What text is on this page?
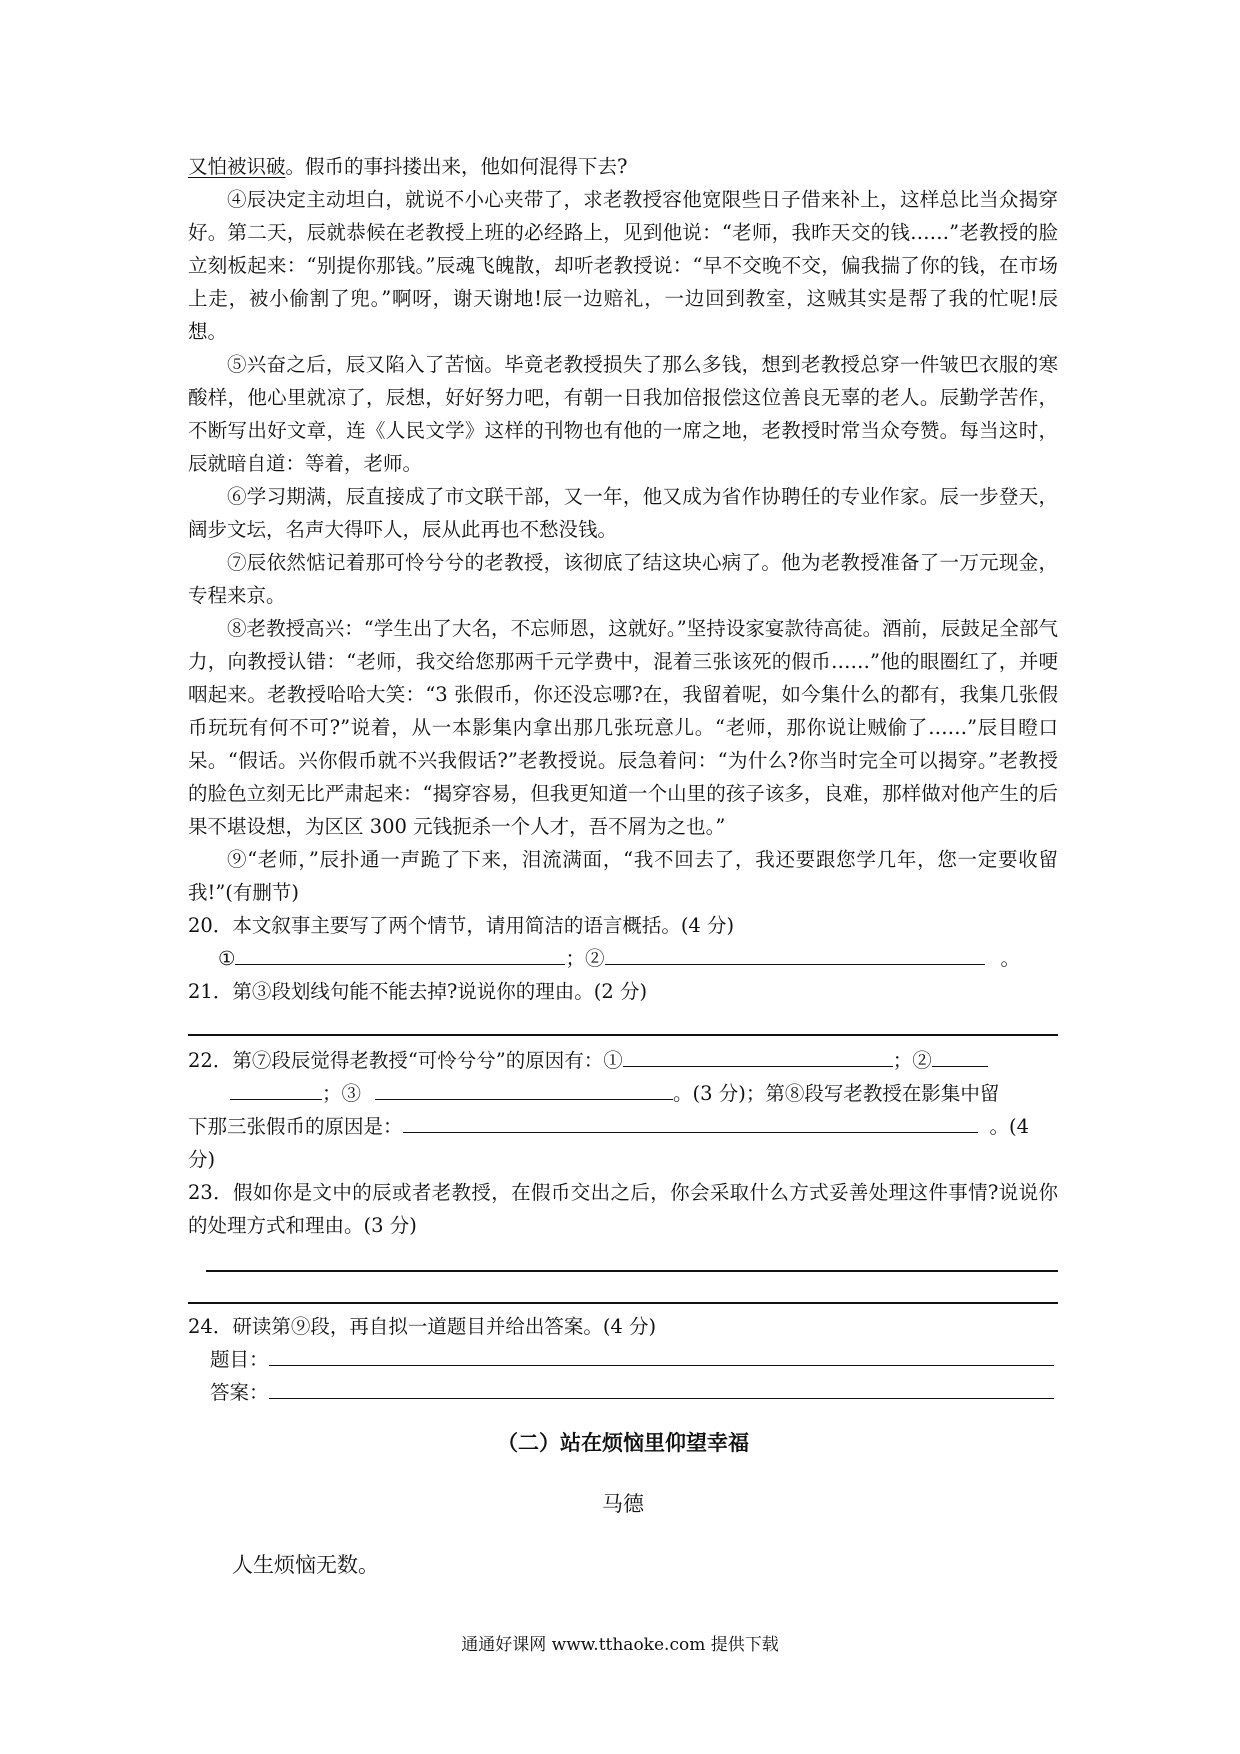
又怕被识破。假币的事抖搂出来，他如何混得下去?

④辰决定主动坦白，就说不小心夹带了，求老教授容他宽限些日子借来补上，这样总比当众揭穿好。第二天，辰就恭候在老教授上班的必经路上，见到他说：“老师，我昨天交的钱……”老教授的脸立刻板起来：“别提你那钱。”辰魂飞魄散，却听老教授说：“早不交晚不交，偏我揣了你的钱，在市场上走，被小偷割了兜。”啊呀，谢天谢地!辰一边赔礼，一边回到教室，这贼其实是帮了我的忙呢!辰想。

⑤兴奋之后，辰又陷入了苦恼。毕竟老教授损失了那么多钱，想到老教授总穿一件皱巴衣服的寒酸样，他心里就凉了，辰想，好好努力吧，有朝一日我加倍报偿这位善良无辜的老人。辰勤学苦作，不断写出好文章，连《人民文学》这样的刊物也有他的一席之地，老教授时常当众夸赞。每当这时，辰就暗自道：等着，老师。

⑥学习期满，辰直接成了市文联干部，又一年，他又成为省作协聘任的专业作家。辰一步登天，阔步文坛，名声大得吓人，辰从此再也不愁没钱。

⑦辰依然惦记着那可怜兮兮的老教授，该彻底了结这块心病了。他为老教授准备了一万元现金，专程来京。

⑧老教授高兴：“学生出了大名，不忘师恩，这就好。”坚持设家宴款待高徒。酒前，辰鼓足全部气力，向教授认错：“老师，我交给您那两千元学费中，混着三张该死的假币……”他的眼圈红了，并哽咽起来。老教授哈哈大笑：“3 张假币，你还没忘哪?在，我留着呢，如今集什么的都有，我集几张假币玩玩有何不可?”说着，从一本影集内拿出那几张玩意儿。“老师，那你说让贼偷了……”辰目瞪口呆。“假话。兴你假币就不兴我假话?”老教授说。辰急着问：“为什么?你当时完全可以揭穿。”老教授的脸色立刻无比严肃起来：“揭穿容易，但我更知道一个山里的孩子该多，良难，那样做对他产生的后果不堪设想，为区区 300 元钱扼杀一个人才，吾不屑为之也。”

⑨“老师，”辰扑通一声跪了下来，泪流满面，“我不回去了，我还要跟您学几年，您一定要收留我!”(有删节)

20．本文叙事主要写了两个情节，请用简洁的语言概括。(4 分)

①	；②	。

21．第③段划线句能不能去掉?说说你的理由。(2 分)

22．第⑦段辰觉得老教授“可怜兮兮”的原因有：①	；②

；③	。(3 分)；第⑧段写老教授在影集中留

下那三张假币的原因是：	。(4

分)

23．假如你是文中的辰或者老教授，在假币交出之后，你会采取什么方式妥善处理这件事情?说说你的处理方式和理由。(3 分)

24．研读第⑨段，再自拟一道题目并给出答案。(4 分)

题目：

答案：

（二）站在烦恼里仰望幸福

马德

人生烦恼无数。

通通好课网 www.tthaoke.com 提供下载
